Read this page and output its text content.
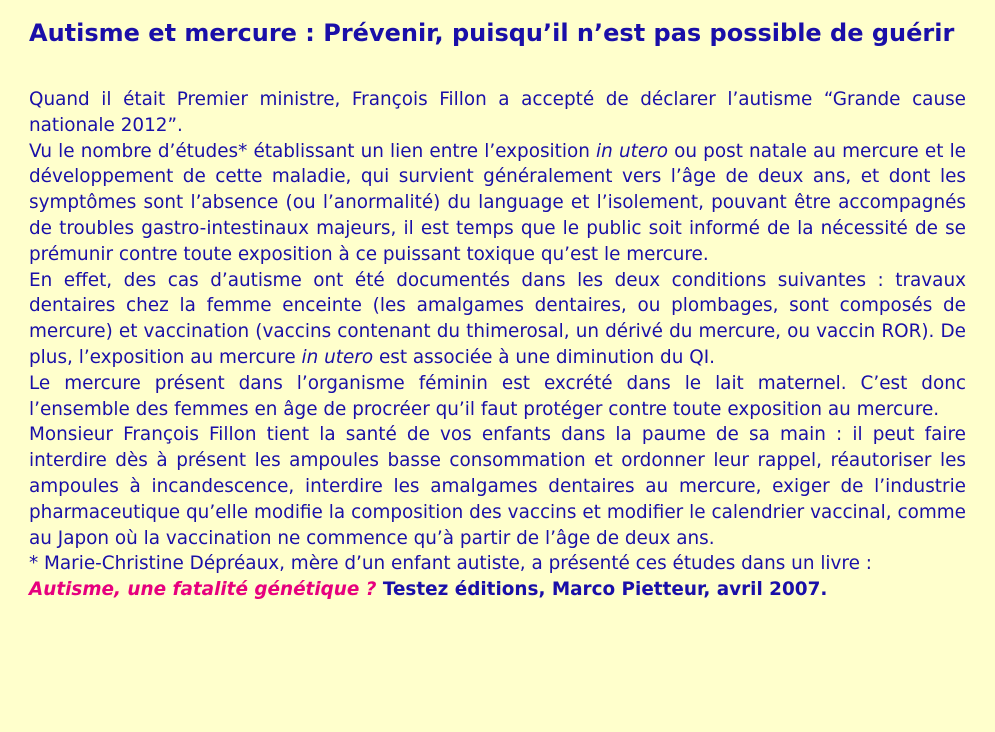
Autisme et mercure : Prévenir, puisqu’il n’est pas possible de guérir

Quand il était Premier ministre, François Fillon a accepté de déclarer l’autisme “Grande cause nationale 2012”.

Vu le nombre d’études* établissant un lien entre l’exposition in utero ou post natale au mercure et le développement de cette maladie, qui survient généralement vers l’âge de deux ans, et dont les symptômes sont l’absence (ou l’anormalité) du language et l’isolement, pouvant être accompagnés de troubles gastro-intestinaux majeurs, il est temps que le public soit informé de la nécessité de se prémunir contre toute exposition à ce puissant toxique qu’est le mercure.

En effet, des cas d’autisme ont été documentés dans les deux conditions suivantes : travaux dentaires chez la femme enceinte (les amalgames dentaires, ou plombages, sont composés de mercure) et vaccination (vaccins contenant du thimerosal, un dérivé du mercure, ou vaccin ROR). De plus, l’exposition au mercure in utero est associée à une diminution du QI.

Le mercure présent dans l’organisme féminin est excrété dans le lait maternel. C’est donc l’ensemble des femmes en âge de procréer qu’il faut protéger contre toute exposition au mercure.

Monsieur François Fillon tient la santé de vos enfants dans la paume de sa main : il peut faire interdire dès à présent les ampoules basse consommation et ordonner leur rappel, réautoriser les ampoules à incandescence, interdire les amalgames dentaires au mercure, exiger de l’industrie pharmaceutique qu’elle modifie la composition des vaccins et modifier le calendrier vaccinal, comme au Japon où la vaccination ne commence qu’à partir de l’âge de deux ans.

* Marie-Christine Dépréaux, mère d’un enfant autiste, a présenté ces études dans un livre :

Autisme, une fatalité génétique ? Testez éditions, Marco Pietteur, avril 2007.
